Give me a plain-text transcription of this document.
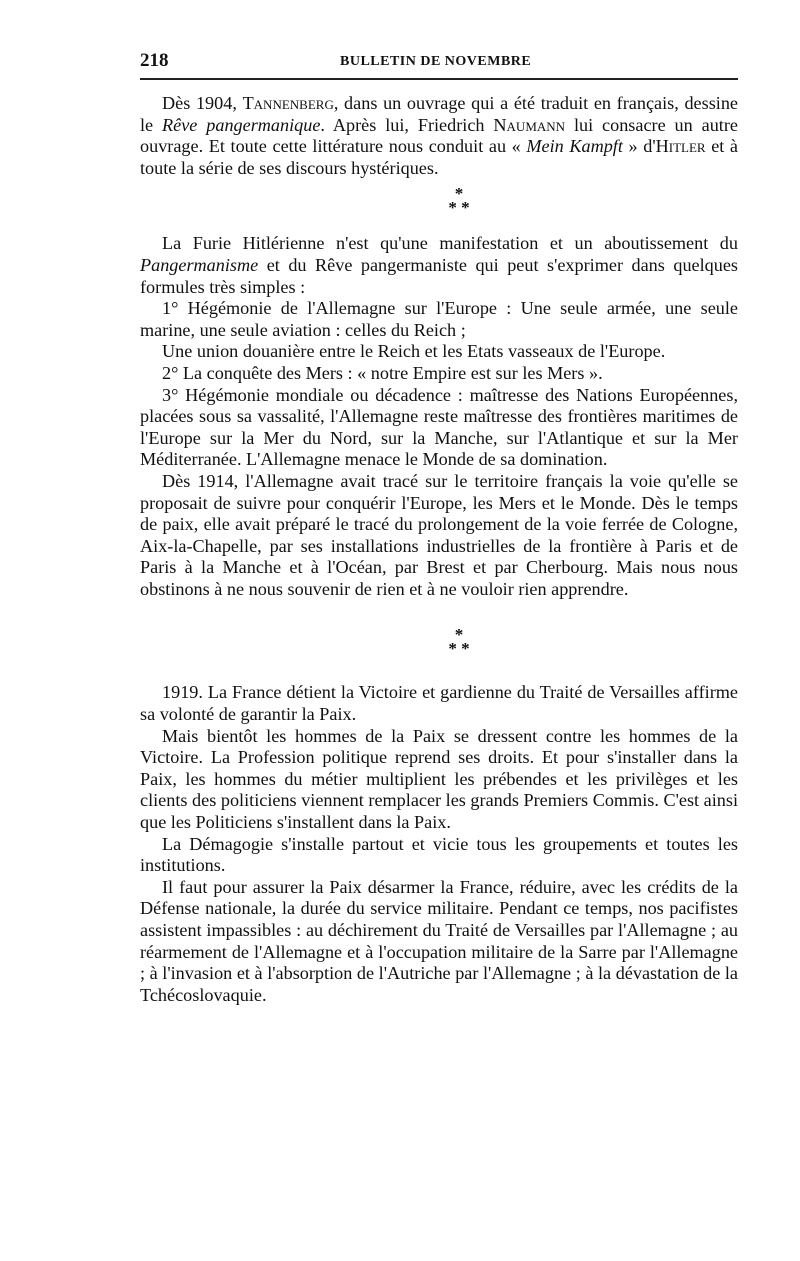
218	BULLETIN DE NOVEMBRE

Dès 1904, Tannenberg, dans un ouvrage qui a été traduit en français, dessine le Rêve pangermanique. Après lui, Friedrich Naumann lui consacre un autre ouvrage. Et toute cette littérature nous conduit au « Mein Kampft » d'Hitler et à toute la série de ses discours hystériques.

*
* *

La Furie Hitlérienne n'est qu'une manifestation et un aboutissement du Pangermanisme et du Rêve pangermaniste qui peut s'exprimer dans quelques formules très simples :

1° Hégémonie de l'Allemagne sur l'Europe : Une seule armée, une seule marine, une seule aviation : celles du Reich ;

Une union douanière entre le Reich et les Etats vasseaux de l'Europe.

2° La conquête des Mers : « notre Empire est sur les Mers ».

3° Hégémonie mondiale ou décadence : maîtresse des Nations Européennes, placées sous sa vassalité, l'Allemagne reste maîtresse des frontières maritimes de l'Europe sur la Mer du Nord, sur la Manche, sur l'Atlantique et sur la Mer Méditerranée. L'Allemagne menace le Monde de sa domination.

Dès 1914, l'Allemagne avait tracé sur le territoire français la voie qu'elle se proposait de suivre pour conquérir l'Europe, les Mers et le Monde. Dès le temps de paix, elle avait préparé le tracé du prolongement de la voie ferrée de Cologne, Aix-la-Chapelle, par ses installations industrielles de la frontière à Paris et de Paris à la Manche et à l'Océan, par Brest et par Cherbourg. Mais nous nous obstinons à ne nous souvenir de rien et à ne vouloir rien apprendre.

*
* *

1919. La France détient la Victoire et gardienne du Traité de Versailles affirme sa volonté de garantir la Paix.

Mais bientôt les hommes de la Paix se dressent contre les hommes de la Victoire. La Profession politique reprend ses droits. Et pour s'installer dans la Paix, les hommes du métier multiplient les prébendes et les privilèges et les clients des politiciens viennent remplacer les grands Premiers Commis. C'est ainsi que les Politiciens s'installent dans la Paix.

La Démagogie s'installe partout et vicie tous les groupements et toutes les institutions.

Il faut pour assurer la Paix désarmer la France, réduire, avec les crédits de la Défense nationale, la durée du service militaire. Pendant ce temps, nos pacifistes assistent impassibles : au déchirement du Traité de Versailles par l'Allemagne ; au réarmement de l'Allemagne et à l'occupation militaire de la Sarre par l'Allemagne ; à l'invasion et à l'absorption de l'Autriche par l'Allemagne ; à la dévastation de la Tchécoslovaquie.
